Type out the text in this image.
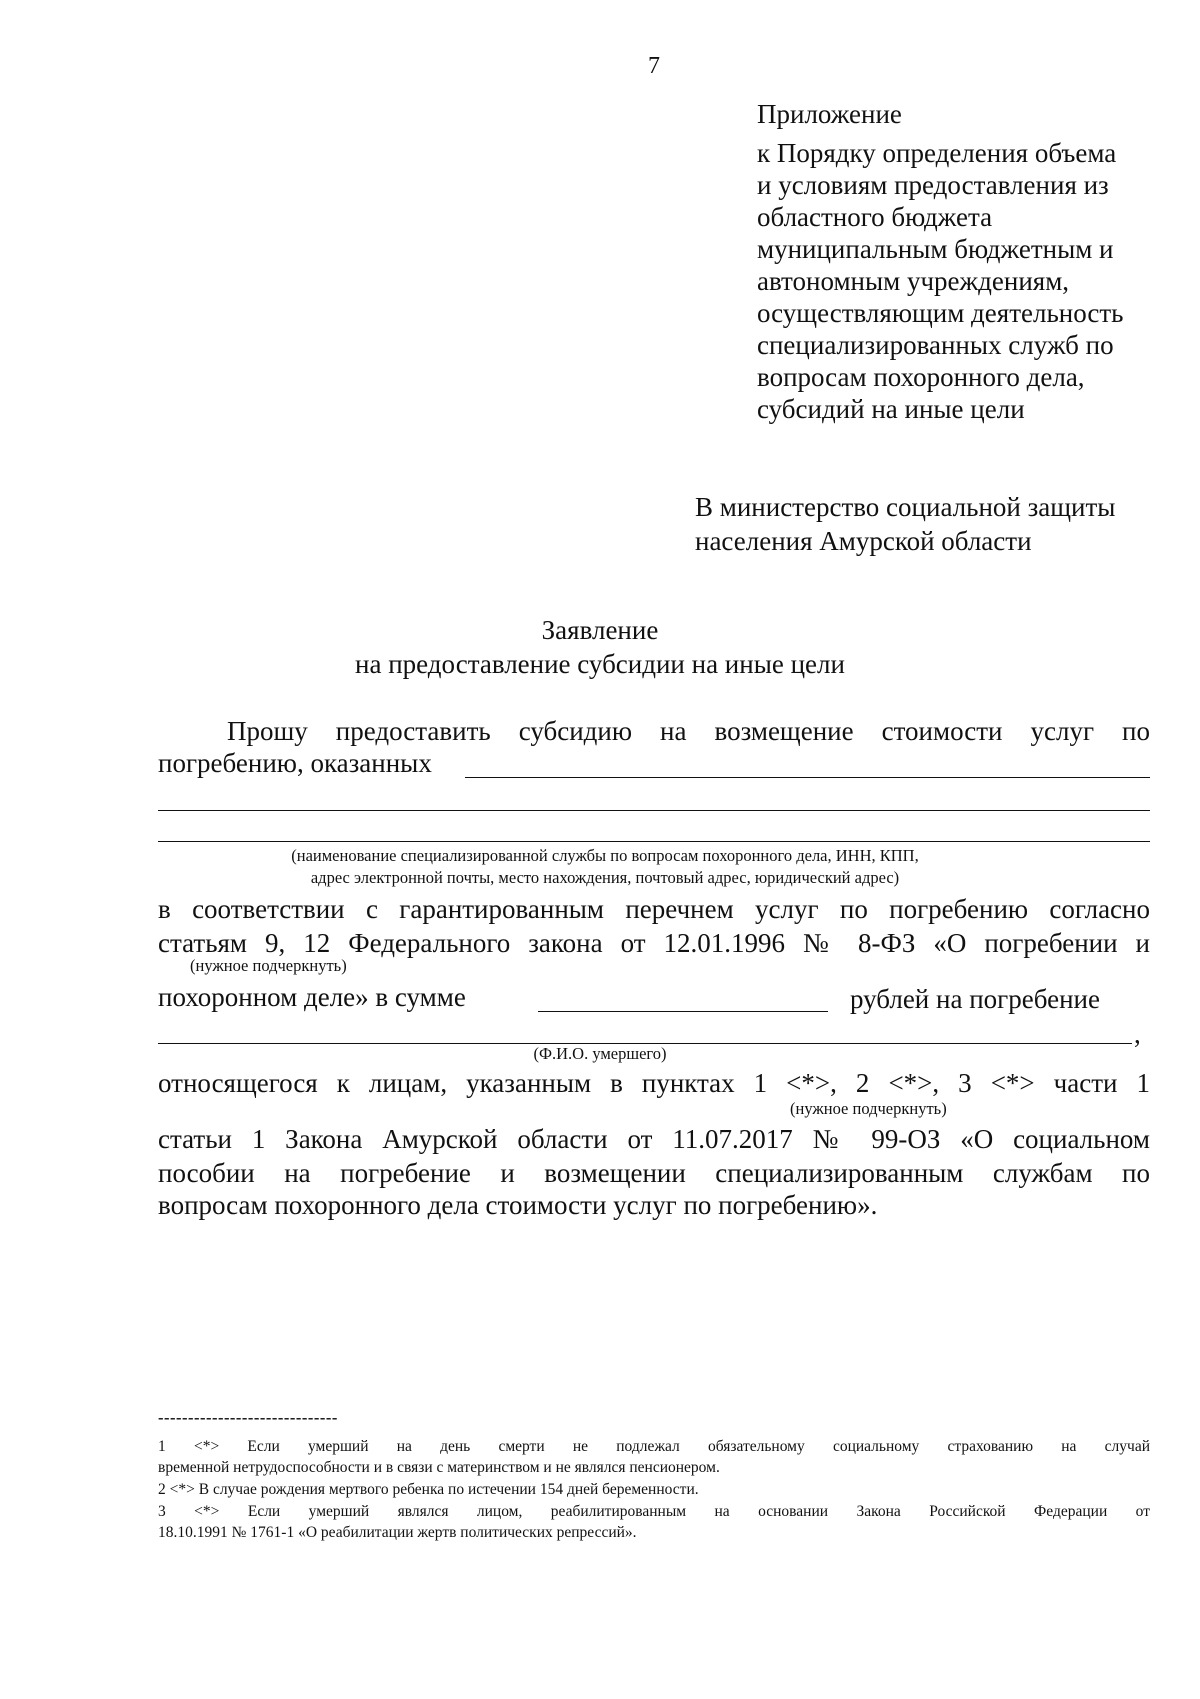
7
Приложение
к Порядку определения объема
и условиям предоставления из
областного бюджета
муниципальным бюджетным и
автономным учреждениям,
осуществляющим деятельность
специализированных служб по
вопросам похоронного дела,
субсидий на иные цели
В министерство социальной защиты
населения Амурской области
Заявление
на предоставление субсидии на иные цели
Прошу предоставить субсидию на возмещение стоимости услуг по
погребению, оказанных
(наименование специализированной службы по вопросам похоронного дела, ИНН, КПП,
адрес электронной почты, место нахождения, почтовый адрес, юридический адрес)
в соответствии с гарантированным перечнем услуг по погребению согласно
статьям 9, 12 Федерального закона от 12.01.1996 № 8-ФЗ «О погребении и
(нужное подчеркнуть)
похоронном деле» в сумме	рублей на погребение
,
(Ф.И.О. умершего)
относящегося к лицам, указанным в пунктах 1 <*>, 2 <*>, 3 <*> части 1
(нужное подчеркнуть)
статьи 1 Закона Амурской области от 11.07.2017 № 99-ОЗ «О социальном
пособии на погребение и возмещении специализированным службам по
вопросам похоронного дела стоимости услуг по погребению».
------------------------------
1 <*> Если умерший на день смерти не подлежал обязательному социальному страхованию на случай
временной нетрудоспособности и в связи с материнством и не являлся пенсионером.
2 <*> В случае рождения мертвого ребенка по истечении 154 дней беременности.
3 <*> Если умерший являлся лицом, реабилитированным на основании Закона Российской Федерации от
18.10.1991 № 1761-1 «О реабилитации жертв политических репрессий».
